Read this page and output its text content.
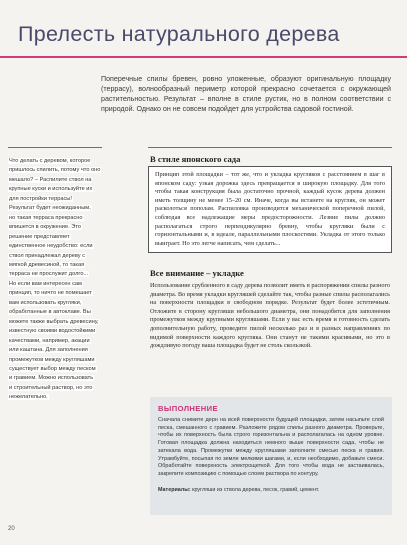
Прелесть натурального дерева
Поперечные спилы бревен, ровно уложенные, образуют оригинальную площадку (террасу), волнообразный периметр которой прекрасно сочетается с окружающей растительностью. Результат – вполне в стиле рустик, но в полном соответствии с природой. Однако он не совсем подойдет для устройства садовой гостиной.
Что делать с деревом, которое
пришлось спилить, потому что оно
мешало? – Распилите ствол на
крупные куски и используйте их
для постройки террасы!
Результат будет неожиданным,
но такая терраса прекрасно
впишется в окружение. Это
решение представляет
единственное неудобство: если
ствол принадлежал дереву с
мягкой древесиной, то такая
терраса не прослужит долго...
Но если вам интересен сам
принцип, то ничто не помешает
вам использовать кругляки,
обработанные в автоклаве. Вы
можете также выбрать древесину,
известную своими водостойкими
качествами, например, акации
или каштана. Для заполнения
промежутков между кругляшами
существует выбор между песком
и гравием. Можно использовать
и строительный раствор, но это
нежелательно.
В стиле японского сада
Принцип этой площадки – тот же, что и укладка кругляков с расстоянием в шаг в японском саду: узкая дорожка здесь превращается в широкую площадку. Для того чтобы такая конструкция была достаточно прочной, каждый кусок дерева должен иметь толщину не менее 15–20 см. Иначе, когда вы встанете на кругляк, он может расколоться пополам. Распиловка производится механической поперечной пилой, соблюдая все надлежащие меры предосторожности. Лезвие пилы должно располагаться строго перпендикулярно бревну, чтобы кругляки были с горизонтальными и, в идеале, параллельными плоскостями. Укладка от этого только выиграет. Но это легче написать, чем сделать...
Все внимание – укладке
Использование срубленного в саду дерева позволит иметь в распоряжении спилы разного диаметра. Во время укладки кругляшей сделайте так, чтобы разные спилы располагались на поверхности площадки в свободном порядке. Результат будет более эстетичным. Отложите в сторону кругляши небольшого диаметра, они понадобятся для заполнения промежутков между крупными кругляшами. Если у вас есть время и готовность сделать дополнительную работу, проведите пилой несколько раз и в разных направлениях по видимой поверхности каждого кругляка. Они станут не такими красивыми, но это в дождливую погоду ваша площадка будет не столь скользкой.
ВЫПОЛНЕНИЕ
Сначала снимите дерн на всей поверхности будущей площадки, затем насыпьте слой песка, смешанного с гравием. Разложите рядом спилы разного диаметра. Проверьте, чтобы их поверхность была строго горизонтальна и располагалась на одном уровне. Готовая площадка должна находиться немного выше поверхности сада, чтобы не затекала вода. Промежутки между кругляшами заполните смесью песка и гравия. Утрамбуйте, посыпая по земле мелкими шагами, и, если необходимо, добавьте смеси. Обработайте поверхность электрощеткой. Для того чтобы вода не застаивалась, закрепите композицию с помощью слоем раствора по контуру.
Материалы: кругляши из ствола дерева, песок, гравий, цемент.
20
